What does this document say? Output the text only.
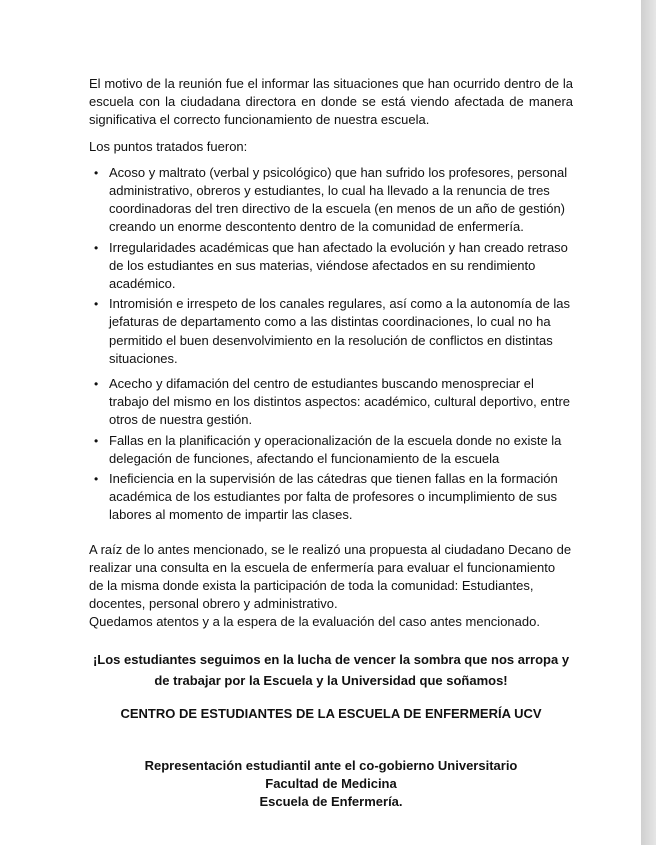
El motivo de la reunión fue el informar las situaciones que han ocurrido dentro de la escuela con la ciudadana directora en donde se está viendo afectada de manera significativa el correcto funcionamiento de nuestra escuela.

Los puntos tratados fueron:

• Acoso y maltrato (verbal y psicológico) que han sufrido los profesores, personal administrativo, obreros y estudiantes, lo cual ha llevado a la renuncia de tres coordinadoras del tren directivo de la escuela (en menos de un año de gestión) creando un enorme descontento dentro de la comunidad de enfermería.
• Irregularidades académicas que han afectado la evolución y han creado retraso de los estudiantes en sus materias, viéndose afectados en su rendimiento académico.
• Intromisión e irrespeto de los canales regulares, así como a la autonomía de las jefaturas de departamento como a las distintas coordinaciones, lo cual no ha permitido el buen desenvolvimiento en la resolución de conflictos en distintas situaciones.
• Acecho y difamación del centro de estudiantes buscando menospreciar el trabajo del mismo en los distintos aspectos: académico, cultural deportivo, entre otros de nuestra gestión.
• Fallas en la planificación y operacionalización de la escuela donde no existe la delegación de funciones, afectando el funcionamiento de la escuela
• Ineficiencia en la supervisión de las cátedras que tienen fallas en la formación académica de los estudiantes por falta de profesores o incumplimiento de sus labores al momento de impartir las clases.

A raíz de lo antes mencionado, se le realizó una propuesta al ciudadano Decano de realizar una consulta en la escuela de enfermería para evaluar el funcionamiento de la misma donde exista la participación de toda la comunidad: Estudiantes, docentes, personal obrero y administrativo.

Quedamos atentos y a la espera de la evaluación del caso antes mencionado.

¡Los estudiantes seguimos en la lucha de vencer la sombra que nos arropa y
de trabajar por la Escuela y la Universidad que soñamos!
CENTRO DE ESTUDIANTES DE LA ESCUELA DE ENFERMERÍA UCV
Representación estudiantil ante el co-gobierno Universitario
Facultad de Medicina
Escuela de Enfermería.
